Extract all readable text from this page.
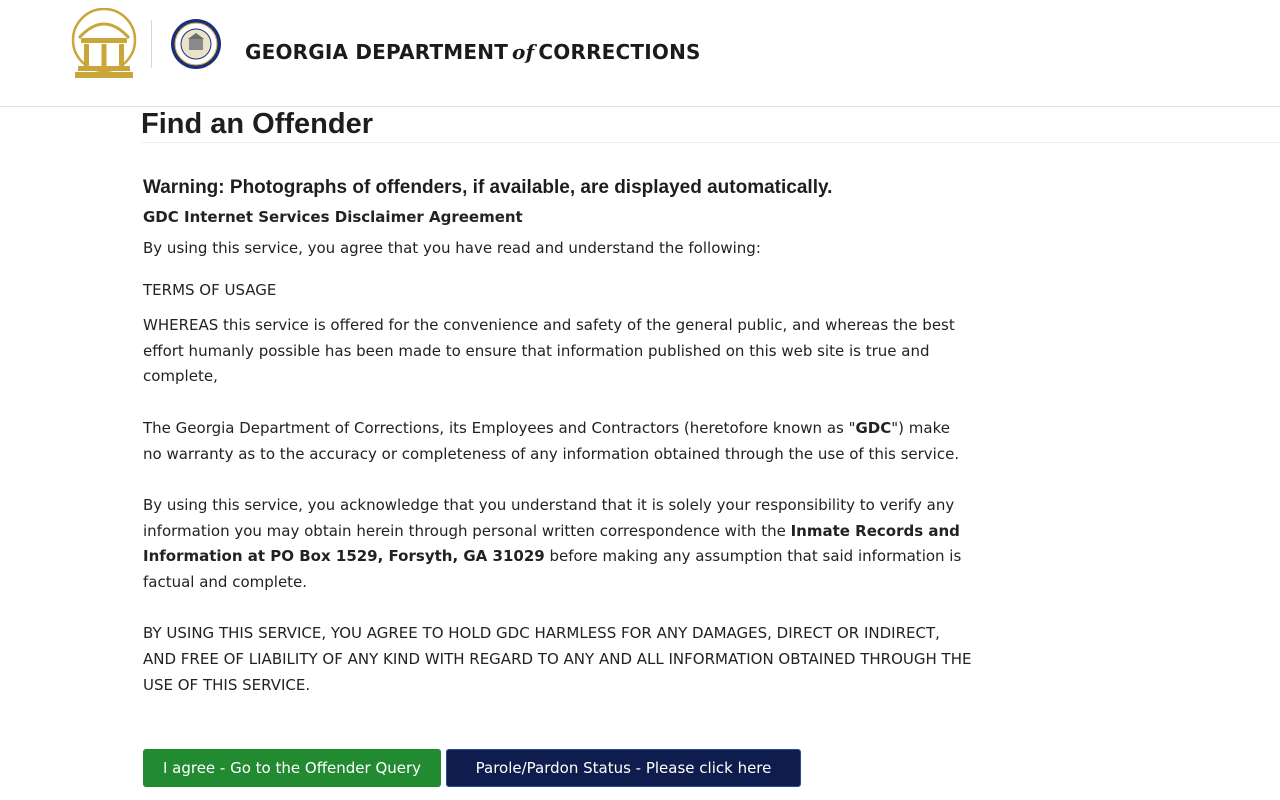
GEORGIA DEPARTMENT of CORRECTIONS
Find an Offender
Warning: Photographs of offenders, if available, are displayed automatically.
GDC Internet Services Disclaimer Agreement
By using this service, you agree that you have read and understand the following:
TERMS OF USAGE

WHEREAS this service is offered for the convenience and safety of the general public, and whereas the best effort humanly possible has been made to ensure that information published on this web site is true and complete,

The Georgia Department of Corrections, its Employees and Contractors (heretofore known as "GDC") make no warranty as to the accuracy or completeness of any information obtained through the use of this service.

By using this service, you acknowledge that you understand that it is solely your responsibility to verify any information you may obtain herein through personal written correspondence with the Inmate Records and Information at PO Box 1529, Forsyth, GA 31029 before making any assumption that said information is factual and complete.

BY USING THIS SERVICE, YOU AGREE TO HOLD GDC HARMLESS FOR ANY DAMAGES, DIRECT OR INDIRECT, AND FREE OF LIABILITY OF ANY KIND WITH REGARD TO ANY AND ALL INFORMATION OBTAINED THROUGH THE USE OF THIS SERVICE.

I agree - Go to the Offender Query	Parole/Pardon Status - Please click here
